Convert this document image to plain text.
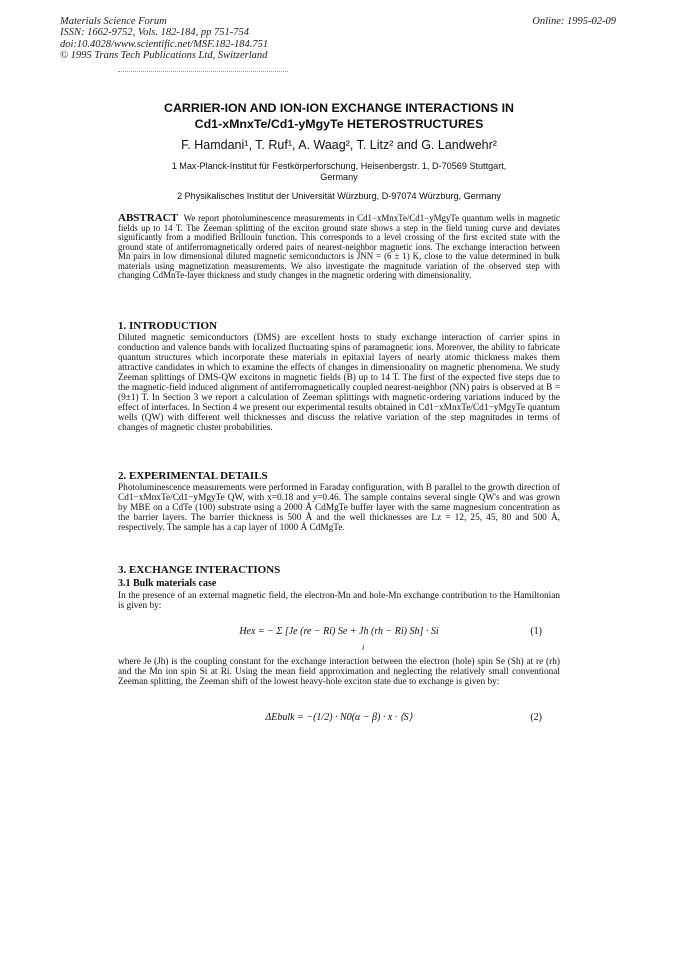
Materials Science Forum
ISSN: 1662-9752, Vols. 182-184, pp 751-754
doi:10.4028/www.scientific.net/MSF.182-184.751
© 1995 Trans Tech Publications Ltd, Switzerland
Online: 1995-02-09
CARRIER-ION AND ION-ION EXCHANGE INTERACTIONS IN
Cd1-xMnxTe/Cd1-yMgyTe HETEROSTRUCTURES
F. Hamdani¹, T. Ruf¹, A. Waag², T. Litz² and G. Landwehr²
1 Max-Planck-Institut für Festkörperforschung, Heisenbergstr. 1, D-70569 Stuttgart,
Germany
2 Physikalisches Institut der Universität Würzburg, D-97074 Würzburg, Germany
ABSTRACT We report photoluminescence measurements in Cd1−xMnxTe/Cd1−yMgyTe quantum wells in magnetic fields up to 14 T. The Zeeman splitting of the exciton ground state shows a step in the field tuning curve and deviates significantly from a modified Brillouin function. This corresponds to a level crossing of the first excited state with the ground state of antiferromagnetically ordered pairs of nearest-neighbor magnetic ions. The exchange interaction between Mn pairs in low dimensional diluted magnetic semiconductors is JNN = (6 ± 1) K, close to the value determined in bulk materials using magnetization measurements. We also investigate the magnitude variation of the observed step with changing CdMnTe-layer thickness and study changes in the magnetic ordering with dimensionality.
1. INTRODUCTION
Diluted magnetic semiconductors (DMS) are excellent hosts to study exchange interaction of carrier spins in conduction and valence bands with localized fluctuating spins of paramagnetic ions. Moreover, the ability to fabricate quantum structures which incorporate these materials in epitaxial layers of nearly atomic thickness makes them attractive candidates in which to examine the effects of changes in dimensionality on magnetic phenomena. We study Zeeman splittings of DMS-QW excitons in magnetic fields (B) up to 14 T. The first of the expected five steps due to the magnetic-field induced alignment of antiferromagnetically coupled nearest-neighbor (NN) pairs is observed at B = (9±1) T. In Section 3 we report a calculation of Zeeman splittings with magnetic-ordering variations induced by the effect of interfaces. In Section 4 we present our experimental results obtained in Cd1−xMnxTe/Cd1−yMgyTe quantum wells (QW) with different well thicknesses and discuss the relative variation of the step magnitudes in terms of changes of magnetic cluster probabilities.
2. EXPERIMENTAL DETAILS
Photoluminescence measurements were performed in Faraday configuration, with B parallel to the growth direction of Cd1−xMnxTe/Cd1−yMgyTe QW, with x=0.18 and y=0.46. The sample contains several single QW's and was grown by MBE on a CdTe (100) substrate using a 2000 Å CdMgTe buffer layer with the same magnesium concentration as the barrier layers. The barrier thickness is 500 Å and the well thicknesses are Lz = 12, 25, 45, 80 and 500 Å, respectively. The sample has a cap layer of 1000 Å CdMgTe.
3. EXCHANGE INTERACTIONS
3.1 Bulk materials case
In the presence of an external magnetic field, the electron-Mn and hole-Mn exchange contribution to the Hamiltonian is given by:
Hex = − Σ [Je (re − Ri) Se + Jh (rh − Ri) Sh] · Si
i
(1)
where Je (Jh) is the coupling constant for the exchange interaction between the electron (hole) spin Se (Sh) at re (rh) and the Mn ion spin Si at Ri. Using the mean field approximation and neglecting the relatively small conventional Zeeman splitting, the Zeeman shift of the lowest heavy-hole exciton state due to exchange is given by:
ΔEbulk = −(1/2) · N0(α − β) · x · ⟨S⟩	(2)
